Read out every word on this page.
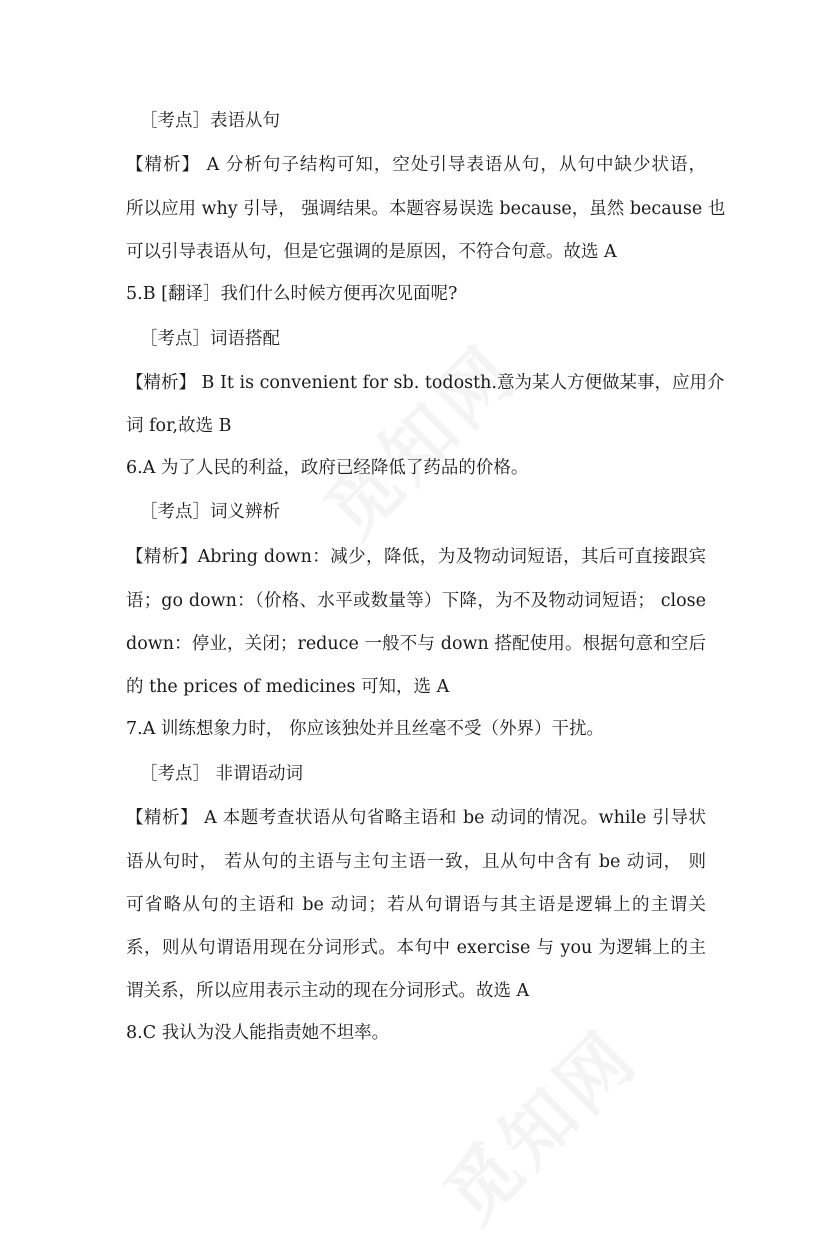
［考点］表语从句
【精析】 A 分析句子结构可知，空处引导表语从句，从句中缺少状语，
所以应用 why 引导， 强调结果。本题容易误选 because，虽然 because 也
可以引导表语从句，但是它强调的是原因，不符合句意。故选 A
5.B [翻译］我们什么时候方便再次见面呢?
［考点］词语搭配
【精析】 B It is convenient for sb. todosth.意为某人方便做某事，应用介
词 for,故选 B
6.A 为了人民的利益，政府已经降低了药品的价格。
［考点］词义辨析
【精析】Abring down：减少，降低，为及物动词短语，其后可直接跟宾
语；go down：（价格、水平或数量等）下降，为不及物动词短语； close
down：停业，关闭；reduce 一般不与 down 搭配使用。根据句意和空后
的 the prices of medicines 可知，选 A
7.A 训练想象力时， 你应该独处并且丝毫不受（外界）干扰。
［考点］ 非谓语动词
【精析】 A 本题考查状语从句省略主语和 be 动词的情况。while 引导状
语从句时， 若从句的主语与主句主语一致，且从句中含有 be 动词， 则
可省略从句的主语和 be 动词；若从句谓语与其主语是逻辑上的主谓关
系，则从句谓语用现在分词形式。本句中 exercise 与 you 为逻辑上的主
谓关系，所以应用表示主动的现在分词形式。故选 A
8.C 我认为没人能指责她不坦率。
